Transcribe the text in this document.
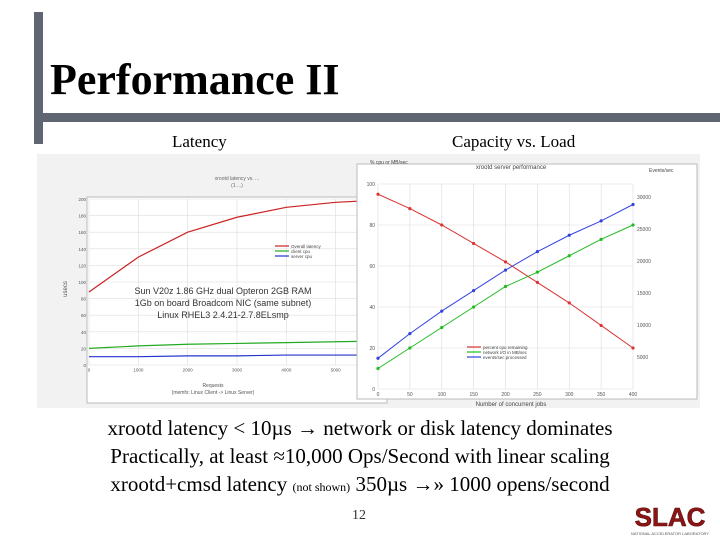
Performance II
Latency	Capacity vs. Load
xrootd latency vs. ...
(1 ...)
usecs
Requests
(memfs: Linux Client -> Linux Server)
0
20
40
60
80
100
120
140
160
180
200
0	1000	2000	3000	4000	5000
Overall latency
client cpu
server cpu
Sun V20z 1.86 GHz dual Opteron 2GB RAM
1Gb on board Broadcom NIC (same subnet)
Linux RHEL3 2.4.21-2.7.8ELsmp
xrootd server performance
% cpu or MB/sec
Events/sec
Number of concurrent jobs
0
20
40
60
80
100
0	50	100	150	200	250	300	350	400
5000
10000
15000
20000
25000
30000
percent cpu remaining
network I/O in MB/sec
events/sec processed
xrootd latency < 10µs → network or disk latency dominates
Practically, at least ≈10,000 Ops/Second with linear scaling
xrootd+cmsd latency (not shown) 350µs →» 1000 opens/second
12	SLAC
NATIONAL ACCELERATOR LABORATORY
